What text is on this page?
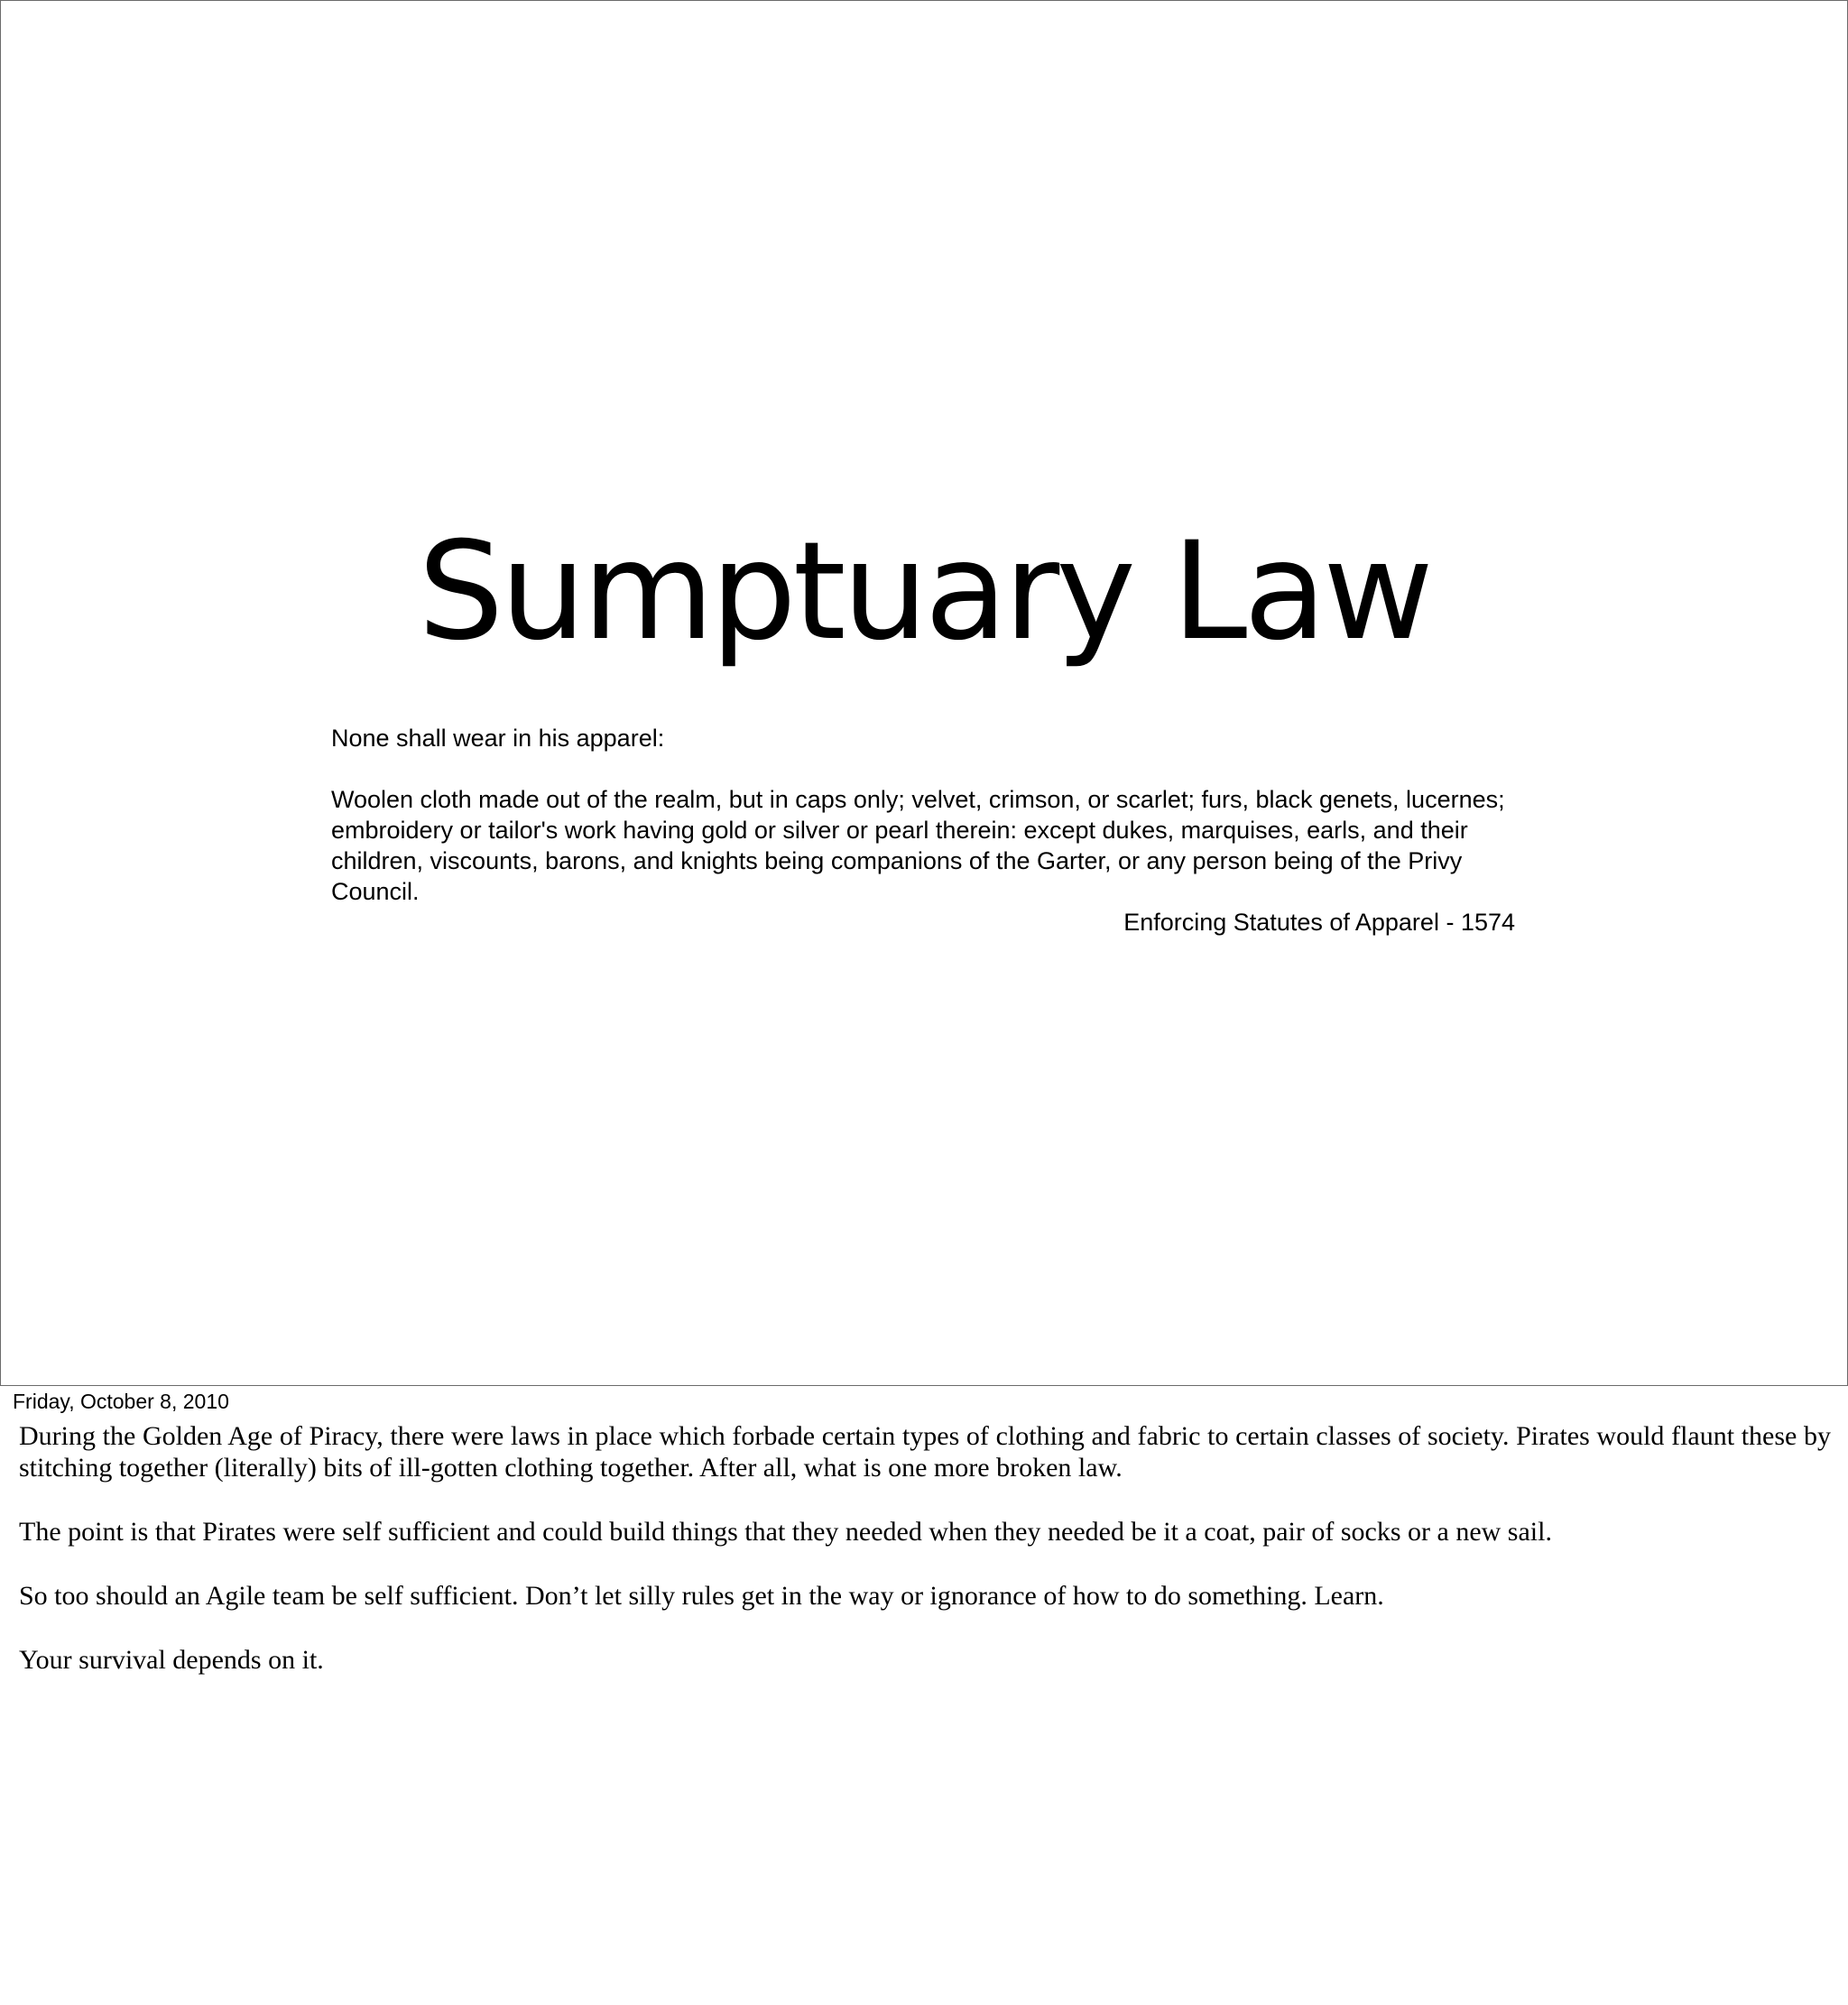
Sumptuary Law

None shall wear in his apparel:

Woolen cloth made out of the realm, but in caps only; velvet, crimson, or scarlet; furs, black genets, lucernes; embroidery or tailor's work having gold or silver or pearl therein: except dukes, marquises, earls, and their children, viscounts, barons, and knights being companions of the Garter, or any person being of the Privy Council.

Enforcing Statutes of Apparel - 1574

Friday, October 8, 2010

During the Golden Age of Piracy, there were laws in place which forbade certain types of clothing and fabric to certain classes of society. Pirates would flaunt these by stitching together (literally) bits of ill-gotten clothing together. After all, what is one more broken law.

The point is that Pirates were self sufficient and could build things that they needed when they needed be it a coat, pair of socks or a new sail.

So too should an Agile team be self sufficient. Don’t let silly rules get in the way or ignorance of how to do something. Learn.

Your survival depends on it.
